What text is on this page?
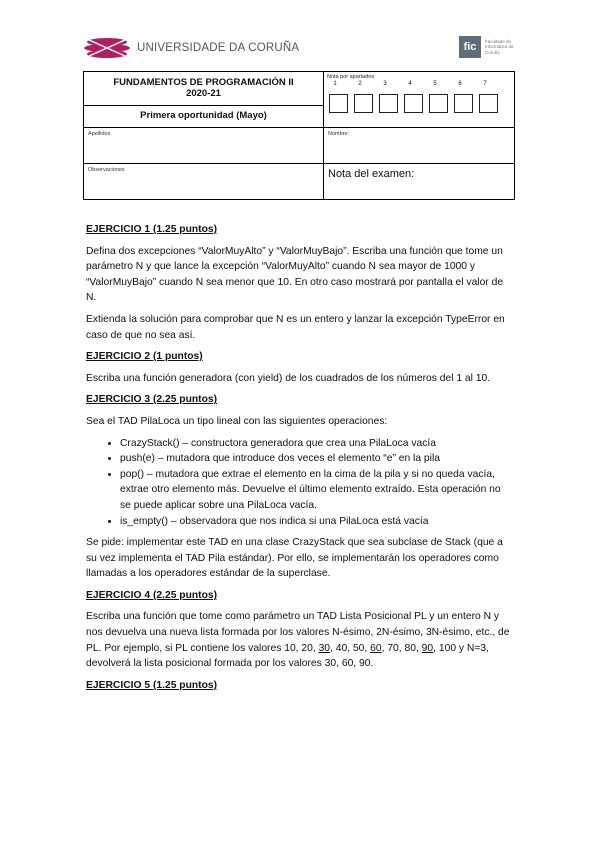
UNIVERSIDADE DA CORUÑA	fic	Facultade de Informática da Coruña
FUNDAMENTOS DE PROGRAMACIÓN II
2020-21
Primera oportunidad (Mayo)
Nota por apartados
1	2	3	4	5	6	7
Apellidos	Nombre:
Observaciones	Nota del examen:
EJERCICIO 1 (1.25 puntos)

Defina dos excepciones “ValorMuyAlto” y “ValorMuyBajo”. Escriba una función que tome un parámetro N y que lance la excepción “ValorMuyAlto” cuando N sea mayor de 1000 y “ValorMuyBajo” cuando N sea menor que 10. En otro caso mostrará por pantalla el valor de N.

Extienda la solución para comprobar que N es un entero y lanzar la excepción TypeError en caso de que no sea así.

EJERCICIO 2 (1 puntos)

Escriba una función generadora (con yield) de los cuadrados de los números del 1 al 10.

EJERCICIO 3 (2.25 puntos)

Sea el TAD PilaLoca un tipo lineal con las siguientes operaciones:

• CrazyStack() – constructora generadora que crea una PilaLoca vacía
• push(e) – mutadora que introduce dos veces el elemento “e” en la pila
• pop() – mutadora que extrae el elemento en la cima de la pila y si no queda vacía, extrae otro elemento más. Devuelve el último elemento extraído. Esta operación no se puede aplicar sobre una PilaLoca vacía.
• is_empty() – observadora que nos indica si una PilaLoca está vacía

Se pide: implementar este TAD en una clase CrazyStack que sea subclase de Stack (que a su vez implementa el TAD Pila estándar). Por ello, se implementarán los operadores como llamadas a los operadores estándar de la superclase.

EJERCICIO 4 (2.25 puntos)

Escriba una función que tome como parámetro un TAD Lista Posicional PL y un entero N y nos devuelva una nueva lista formada por los valores N-ésimo, 2N-ésimo, 3N-ésimo, etc., de PL. Por ejemplo, si PL contiene los valores 10, 20, 30, 40, 50, 60, 70, 80, 90, 100 y N=3, devolverá la lista posicional formada por los valores 30, 60, 90.

EJERCICIO 5 (1.25 puntos)
